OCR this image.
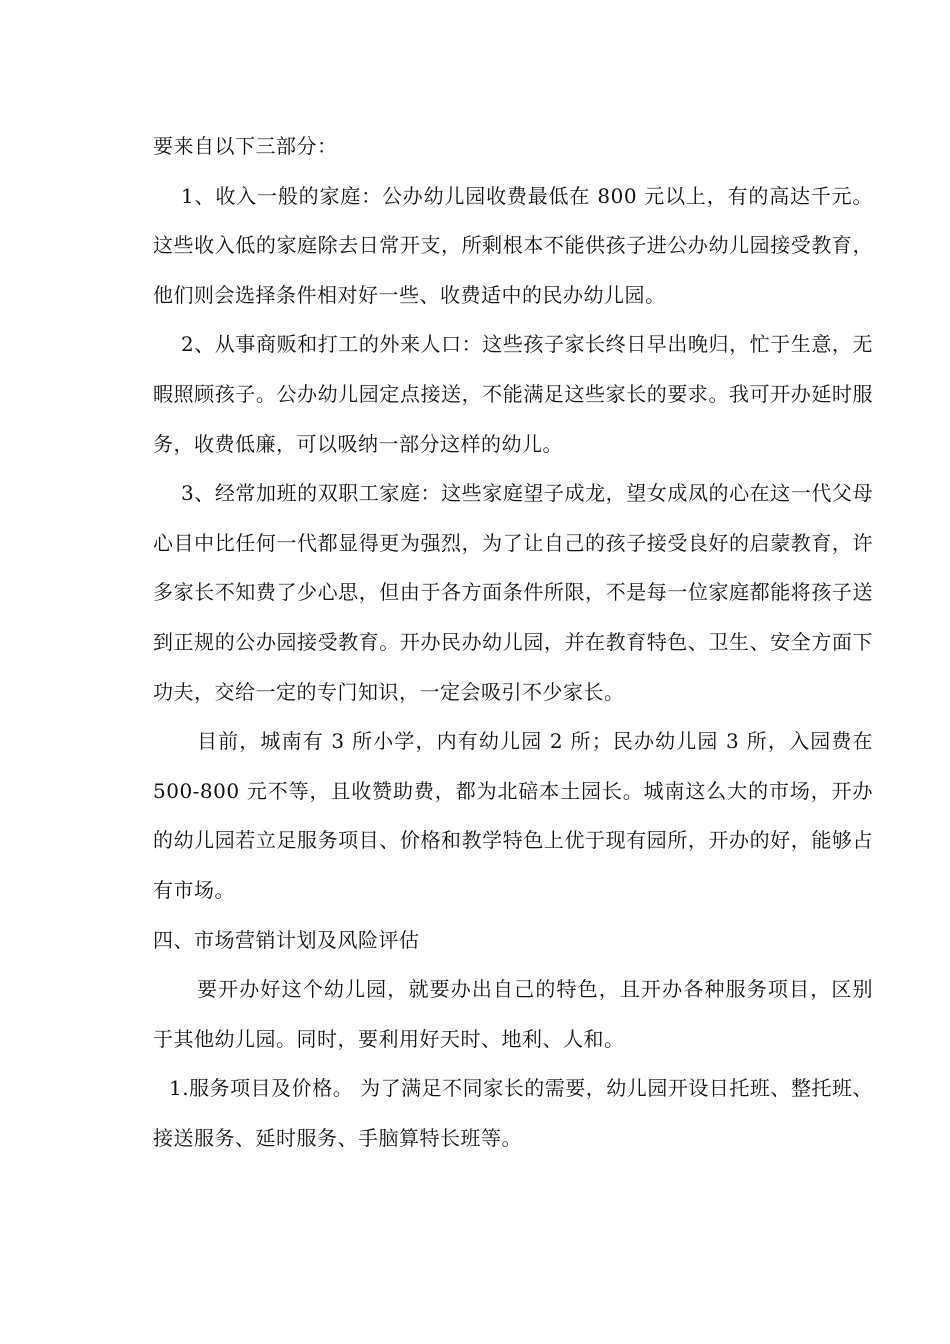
要来自以下三部分：

1、收入一般的家庭：公办幼儿园收费最低在 800 元以上，有的高达千元。这些收入低的家庭除去日常开支，所剩根本不能供孩子进公办幼儿园接受教育，他们则会选择条件相对好一些、收费适中的民办幼儿园。

2、从事商贩和打工的外来人口：这些孩子家长终日早出晚归，忙于生意，无暇照顾孩子。公办幼儿园定点接送，不能满足这些家长的要求。我可开办延时服务，收费低廉，可以吸纳一部分这样的幼儿。

3、经常加班的双职工家庭：这些家庭望子成龙，望女成凤的心在这一代父母心目中比任何一代都显得更为强烈，为了让自己的孩子接受良好的启蒙教育，许多家长不知费了少心思，但由于各方面条件所限，不是每一位家庭都能将孩子送到正规的公办园接受教育。开办民办幼儿园，并在教育特色、卫生、安全方面下功夫，交给一定的专门知识，一定会吸引不少家长。

目前，城南有 3 所小学，内有幼儿园 2 所；民办幼儿园 3 所，入园费在 500-800 元不等，且收赞助费，都为北碚本土园长。城南这么大的市场，开办的幼儿园若立足服务项目、价格和教学特色上优于现有园所，开办的好，能够占有市场。

四、市场营销计划及风险评估

要开办好这个幼儿园，就要办出自己的特色，且开办各种服务项目，区别于其他幼儿园。同时，要利用好天时、地利、人和。

1.服务项目及价格。 为了满足不同家长的需要，幼儿园开设日托班、整托班、接送服务、延时服务、手脑算特长班等。
